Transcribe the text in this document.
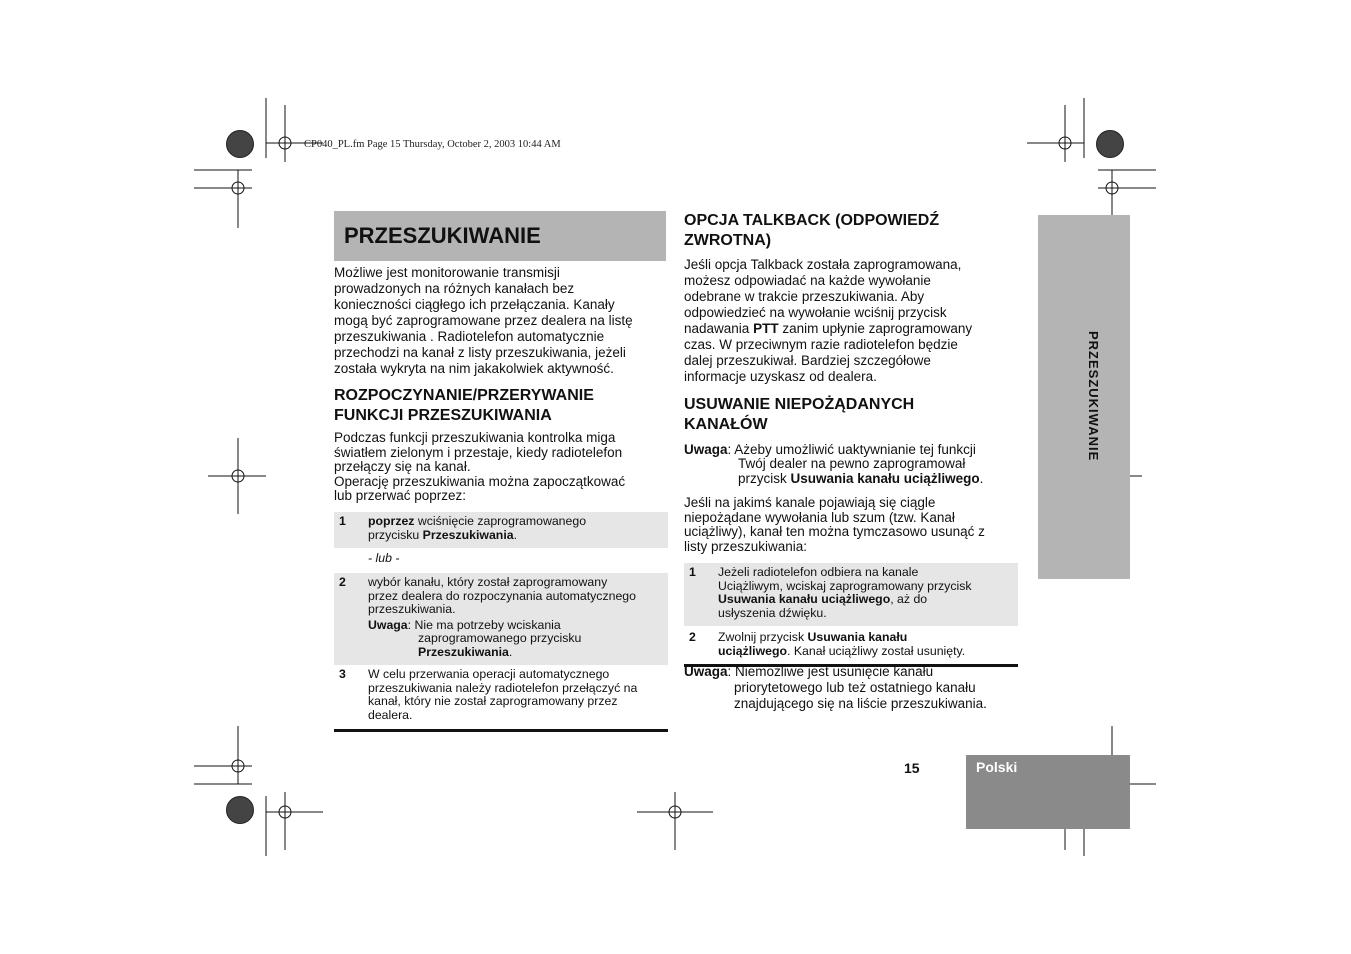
CP040_PL.fm Page 15 Thursday, October 2, 2003 10:44 AM
PRZESZUKIWANIE
Możliwe jest monitorowanie transmisji
prowadzonych na różnych kanałach bez
konieczności ciągłego ich przełączania. Kanały
mogą być zaprogramowane przez dealera na listę
przeszukiwania . Radiotelefon automatycznie
przechodzi na kanał z listy przeszukiwania, jeżeli
została wykryta na nim jakakolwiek aktywność.
ROZPOCZYNANIE/PRZERYWANIE
FUNKCJI PRZESZUKIWANIA
Podczas funkcji przeszukiwania kontrolka miga
światłem zielonym i przestaje, kiedy radiotelefon
przełączy się na kanał.
Operację przeszukiwania można zapoczątkować
lub przerwać poprzez:
1 poprzez wciśnięcie zaprogramowanego
przycisku Przeszukiwania.
- lub -
2 wybór kanału, który został zaprogramowany
przez dealera do rozpoczynania automatycznego
przeszukiwania.
Uwaga: Nie ma potrzeby wciskania
zaprogramowanego przycisku
Przeszukiwania.
3 W celu przerwania operacji automatycznego
przeszukiwania należy radiotelefon przełączyć na
kanał, który nie został zaprogramowany przez
dealera.
OPCJA TALKBACK (ODPOWIEDŹ
ZWROTNA)
Jeśli opcja Talkback została zaprogramowana,
możesz odpowiadać na każde wywołanie
odebrane w trakcie przeszukiwania. Aby
odpowiedzieć na wywołanie wciśnij przycisk
nadawania PTT zanim upłynie zaprogramowany
czas. W przeciwnym razie radiotelefon będzie
dalej przeszukiwał. Bardziej szczegółowe
informacje uzyskasz od dealera.
USUWANIE NIEPOŻĄDANYCH
KANAŁÓW
Uwaga: Ażeby umożliwić uaktywnianie tej funkcji
Twój dealer na pewno zaprogramował
przycisk Usuwania kanału uciążliwego.
Jeśli na jakimś kanale pojawiają się ciągle
niepożądane wywołania lub szum (tzw. Kanał
uciążliwy), kanał ten można tymczasowo usunąć z
listy przeszukiwania:
1 Jeżeli radiotelefon odbiera na kanale
Uciążliwym, wciskaj zaprogramowany przycisk
Usuwania kanału uciążliwego, aż do
usłyszenia dźwięku.
2 Zwolnij przycisk Usuwania kanału
uciążliwego. Kanał uciążliwy został usunięty.
Uwaga: Niemożliwe jest usunięcie kanału
priorytetowego lub też ostatniego kanału
znajdującego się na liście przeszukiwania.
PRZESZUKIWANIE
15	Polski
